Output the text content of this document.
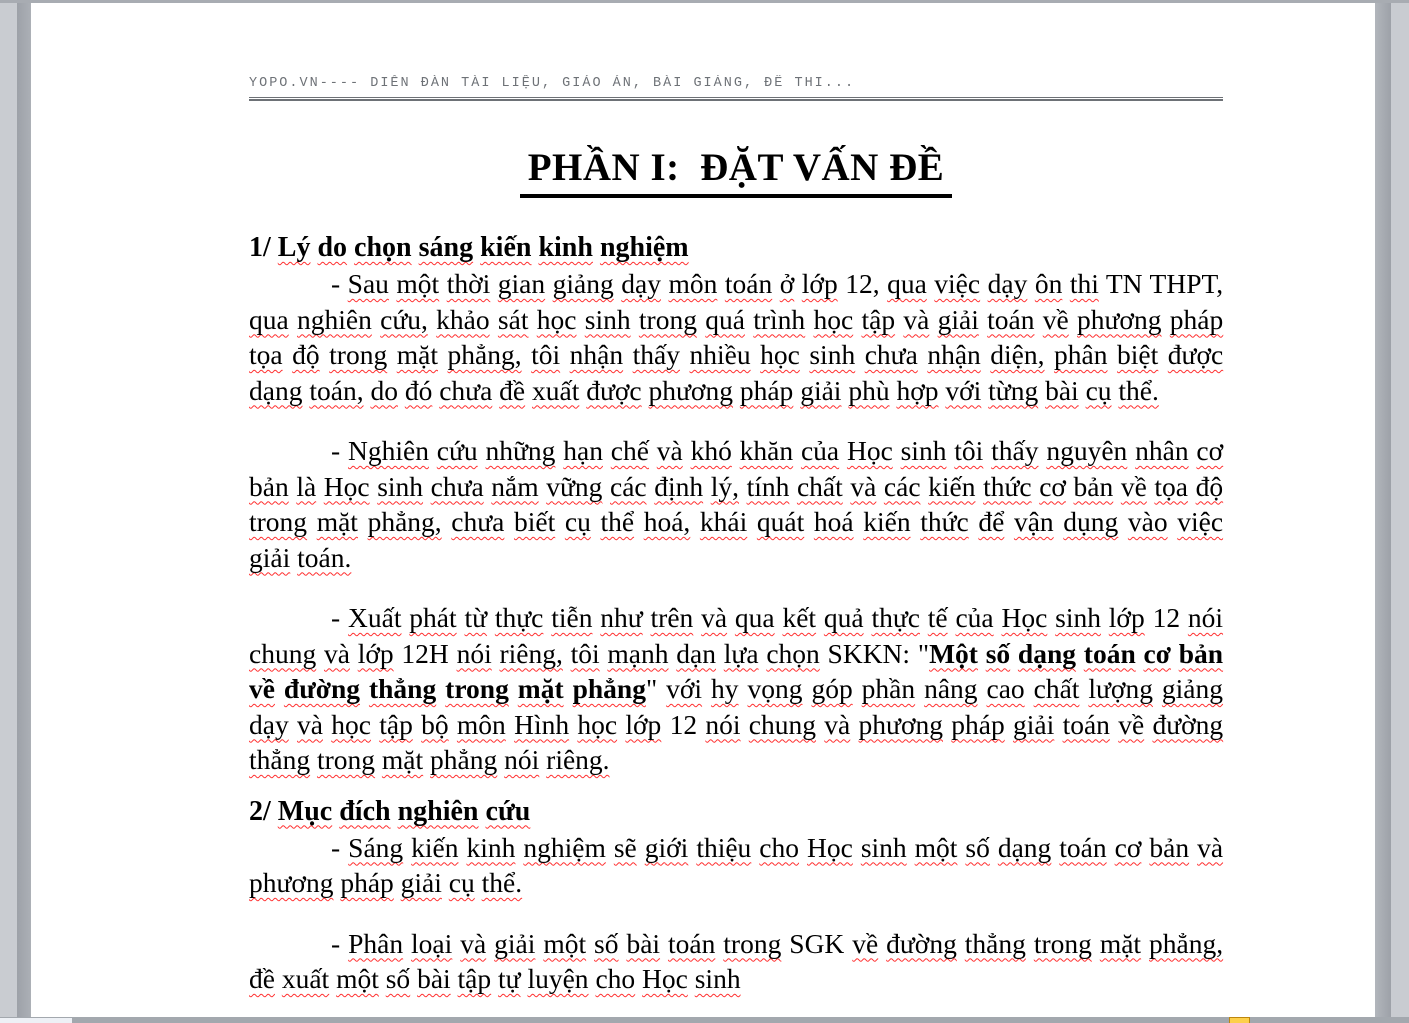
YOPO.VN---- DIỄN ĐÀN TÀI LIỆU, GIÁO ÁN, BÀI GIẢNG, ĐỀ THI...
PHẦN I:  ĐẶT VẤN ĐỀ
1/ Lý do chọn sáng kiến kinh nghiệm
- Sau một thời gian giảng dạy môn toán ở lớp 12, qua việc dạy ôn thi TN THPT, qua nghiên cứu, khảo sát học sinh trong quá trình học tập và giải toán về phương pháp tọa độ trong mặt phẳng, tôi nhận thấy nhiều học sinh chưa nhận diện, phân biệt được dạng toán, do đó chưa đề xuất được phương pháp giải phù hợp với từng bài cụ thể.
- Nghiên cứu những hạn chế và khó khăn của Học sinh tôi thấy nguyên nhân cơ bản là Học sinh chưa nắm vững các định lý, tính chất và các kiến thức cơ bản về tọa độ trong mặt phẳng, chưa biết cụ thể hoá, khái quát hoá kiến thức để vận dụng vào việc giải toán.
- Xuất phát từ thực tiễn như trên và qua kết quả thực tế của Học sinh lớp 12 nói chung và lớp 12H nói riêng, tôi mạnh dạn lựa chọn SKKN: "Một số dạng toán cơ bản về đường thẳng trong mặt phẳng" với hy vọng góp phần nâng cao chất lượng giảng dạy và học tập bộ môn Hình học lớp 12 nói chung và phương pháp giải toán về đường thẳng trong mặt phẳng nói riêng.
2/ Mục đích nghiên cứu
- Sáng kiến kinh nghiệm sẽ giới thiệu cho Học sinh một số dạng toán cơ bản và phương pháp giải cụ thể.
- Phân loại và giải một số bài toán trong SGK về đường thẳng trong mặt phẳng, đề xuất một số bài tập tự luyện cho Học sinh
